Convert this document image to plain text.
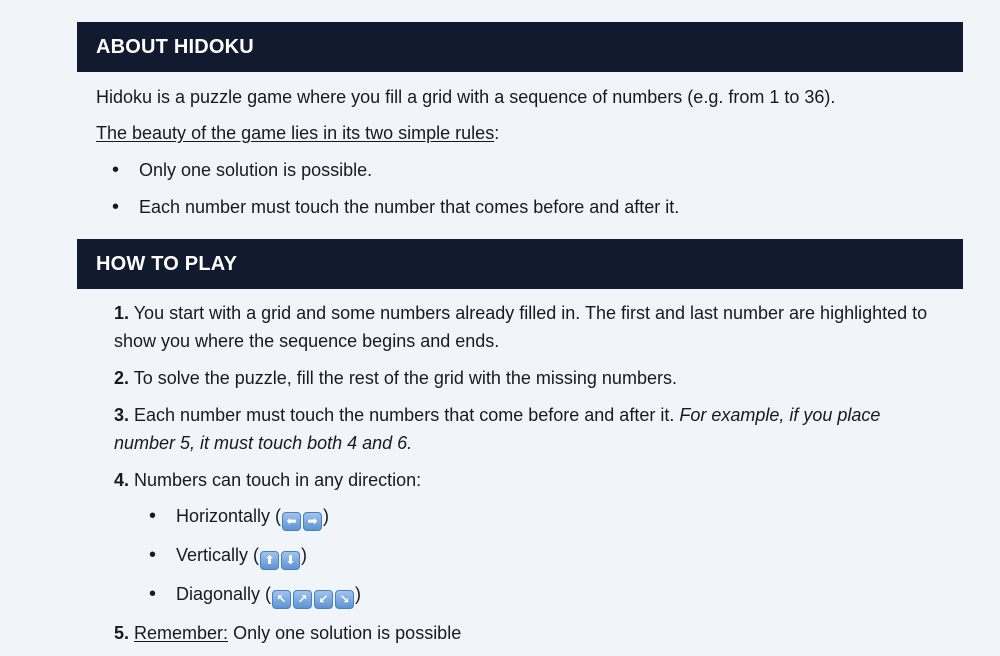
ABOUT HIDOKU
Hidoku is a puzzle game where you fill a grid with a sequence of numbers (e.g. from 1 to 36).
The beauty of the game lies in its two simple rules:
• Only one solution is possible.
• Each number must touch the number that comes before and after it.
HOW TO PLAY
1. You start with a grid and some numbers already filled in. The first and last number are highlighted to show you where the sequence begins and ends.
2. To solve the puzzle, fill the rest of the grid with the missing numbers.
3. Each number must touch the numbers that come before and after it. For example, if you place number 5, it must touch both 4 and 6.
4. Numbers can touch in any direction:
• Horizontally ( ⬅ ➡ )
• Vertically ( ⬆ ⬇ )
• Diagonally ( ↖ ↗ ↙ ↘ )
5. Remember: Only one solution is possible
